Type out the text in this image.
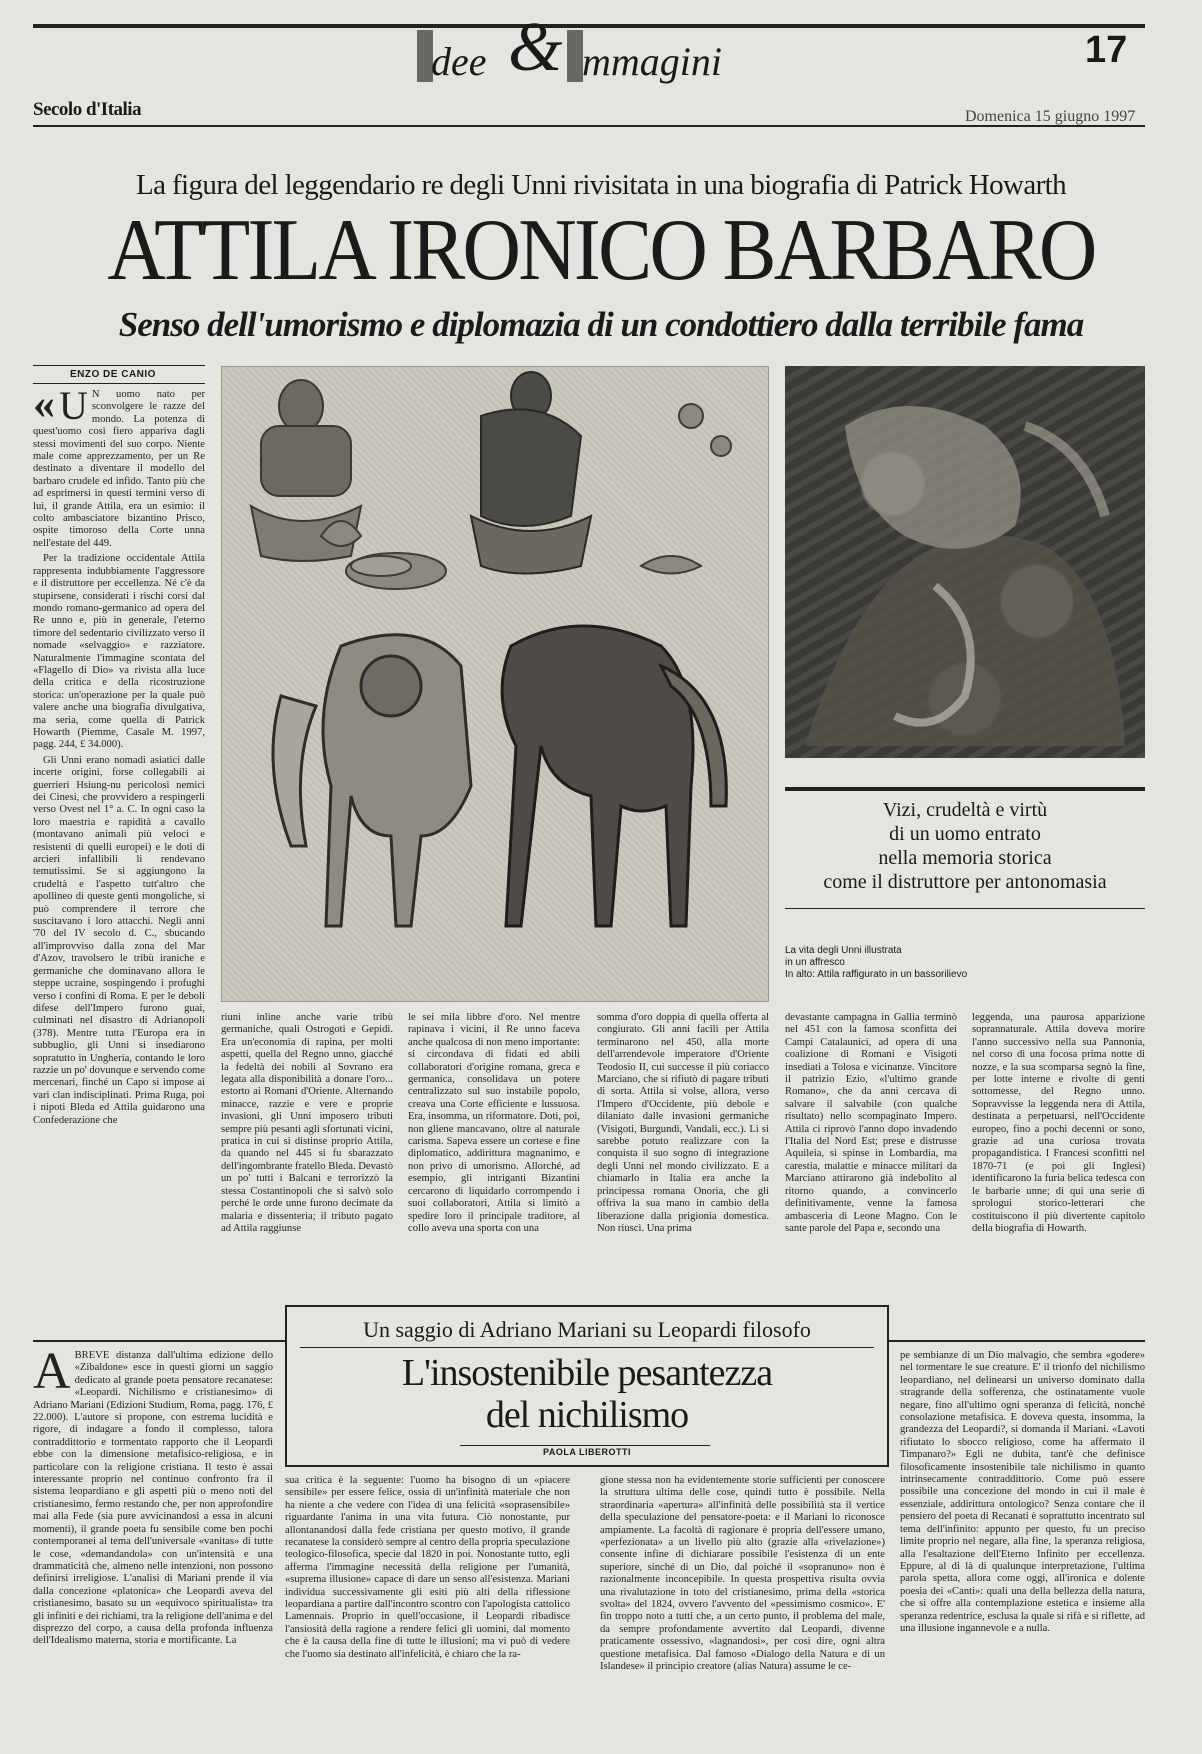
dee & mmagini	17
Secolo d'Italia	Domenica 15 giugno 1997
La figura del leggendario re degli Unni rivisitata in una biografia di Patrick Howarth
ATTILA IRONICO BARBARO
Senso dell'umorismo e diplomazia di un condottiero dalla terribile fama
ENZO DE CANIO

« U N uomo nato per sconvolgere le razze del mondo. La potenza di quest'uomo così fiero appariva dagli stessi movimenti del suo corpo. Niente male come apprezzamento, per un Re destinato a diventare il modello del barbaro crudele ed infido. Tanto più che ad esprimersi in questi termini verso di lui, il grande Attila, era un esimio: il colto ambasciatore bizantino Prisco, ospite timoroso della Corte unna nell'estate del 449.

Per la tradizione occidentale Attila rappresenta indubbiamente l'aggressore e il distruttore per eccellenza. Né c'è da stupirsene, considerati i rischi corsi dal mondo romano-germanico ad opera del Re unno e, più in generale, l'eterno timore del sedentario civilizzato verso il nomade «selvaggio» e razziatore. Naturalmente l'immagine scontata del «Flagello di Dio» va rivista alla luce della critica e della ricostruzione storica: un'operazione per la quale può valere anche una biografia divulgativa, ma seria, come quella di Patrick Howarth (Piemme, Casale M. 1997, pagg. 244, £ 34.000).

Gli Unni erano nomadi asiatici dalle incerte origini, forse collegabili ai guerrieri Hsiung-nu pericolosi nemici dei Cinesi, che provvidero a respingerli verso Ovest nel 1° a. C. In ogni caso la loro maestria e rapidità a cavallo (montavano animali più veloci e resistenti di quelli europei) e le doti di arcieri infallibili li rendevano temutissimi. Se si aggiungono la crudeltà e l'aspetto tutt'altro che apollineo di queste genti mongoliche, si può comprendere il terrore che suscitavano i loro attacchi. Negli anni '70 del IV secolo d. C., sbucando all'improvviso dalla zona del Mar d'Azov, travolsero le tribù iraniche e germaniche che dominavano allora le steppe ucraine, sospingendo i profughi verso i confini di Roma. E per le deboli difese dell'Impero furono guai, culminati nel disastro di Adrianopoli (378). Mentre tutta l'Europa era in subbuglio, gli Unni si insediarono sopratutto in Ungheria, contando le loro razzie un po' dovunque e servendo come mercenari, finché un Capo si impose ai vari clan indisciplinati. Prima Ruga, poi i nipoti Bleda ed Attila guidarono una Confederazione che

Vizi, crudeltà e virtù
di un uomo entrato
nella memoria storica
come il distruttore per antonomasia
La vita degli Unni illustrata
in un affresco
In alto: Attila raffigurato in un bassorilievo

riunì inline anche varie tribù germaniche, quali Ostrogoti e Gepidi. Era un'economia di rapina, per molti aspetti, quella del Regno unno, giacché la fedeltà dei nobili al Sovrano era legata alla disponibilità a donare l'oro... estorto ai Romani d'Oriente. Alternando minacce, razzie e vere e proprie invasioni, gli Unni imposero tributi sempre più pesanti agli sfortunati vicini, pratica in cui si distinse proprio Attila, da quando nel 445 si fu sbarazzato dell'ingombrante fratello Bleda. Devastò un po' tutti i Balcani e terrorizzò la stessa Costantinopoli che si salvò solo perché le orde unne furono decimate da malaria e dissenteria; il tributo pagato ad Attila raggiunse

le sei mila libbre d'oro. Nel mentre rapinava i vicini, il Re unno faceva anche qualcosa di non meno importante: si circondava di fidati ed abili collaboratori d'origine romana, greca e germanica, consolidava un potere centralizzato sul suo instabile popolo, creava una Corte efficiente e lussuosa. Era, insomma, un riformatore. Doti, poi, non gliene mancavano, oltre al naturale carisma. Sapeva essere un cortese e fine diplomatico, addirittura magnanimo, e non privo di umorismo. Allorché, ad esempio, gli intriganti Bizantini cercarono di liquidarlo corrompendo i suoi collaboratori, Attila si limitò a spedire loro il principale traditore, al collo aveva una sporta con una

somma d'oro doppia di quella offerta al congiurato. Gli anni facili per Attila terminarono nel 450, alla morte dell'arrendevole imperatore d'Oriente Teodosio II, cui successe il più coriacco Marciano, che si rifiutò di pagare tributi di sorta. Attila si volse, allora, verso l'Impero d'Occidente, più debole e dilaniato dalle invasioni germaniche (Visigoti, Burgundi, Vandali, ecc.). Lì si sarebbe potuto realizzare con la conquista il suo sogno di integrazione degli Unni nel mondo civilizzato. E a chiamarlo in Italia era anche la principessa romana Onoria, che gli offriva la sua mano in cambio della liberazione dalla prigionia domestica. Non riuscì. Una prima

devastante campagna in Gallia terminò nel 451 con la famosa sconfitta dei Campi Catalaunici, ad opera di una coalizione di Romani e Visigoti insediati a Tolosa e vicinanze. Vincitore il patrizio Ezio, «l'ultimo grande Romano», che da anni cercava di salvare il salvabile (con qualche risultato) nello scompaginato Impero. Attila ci riprovò l'anno dopo invadendo l'Italia del Nord Est; prese e distrusse Aquileia, si spinse in Lombardia, ma carestia, malattie e minacce militari da Marciano attirarono già indebolito al ritorno quando, a convincerlo definitivamente, venne la famosa ambasceria di Leone Magno. Con le sante parole del Papa e, secondo una

leggenda, una paurosa apparizione soprannaturale. Attila doveva morire l'anno successivo nella sua Pannonia, nel corso di una focosa prima notte di nozze, e la sua scomparsa segnò la fine, per lotte interne e rivolte di genti sottomesse, del Regno unno. Sopravvisse la leggenda nera di Attila, destinata a perpetuarsi, nell'Occidente europeo, fino a pochi decenni or sono, grazie ad una curiosa trovata propagandistica. I Francesi sconfitti nel 1870-71 (e poi gli Inglesi) identificarono la furia belica tedesca con le barbarie unne; di qui una serie di sprologui storico-letterari che costituiscono il più divertente capitolo della biografia di Howarth.

Un saggio di Adriano Mariani su Leopardi filosofo
L'insostenibile pesantezza
del nichilismo
PAOLA LIBEROTTI

ABREVE distanza dall'ultima edizione dello «Zibaldone» esce in questi giorni un saggio dedicato al grande poeta pensatore recanatese: «Leopardi. Nichilismo e cristianesimo» di Adriano Mariani (Edizioni Studium, Roma, pagg. 176, £ 22.000). L'autore si propone, con estrema lucidità e rigore, di indagare a fondo il complesso, talora contraddittorio e tormentato rapporto che il Leopardi ebbe con la dimensione metafisico-religiosa, e in particolare con la religione cristiana. Il testo è assai interessante proprio nel continuo confronto fra il sistema leopardiano e gli aspetti più o meno noti del cristianesimo, fermo restando che, per non approfondire mai alla Fede (sia pure avvicinandosi a essa in alcuni momenti), il grande poeta fu sensibile come ben pochi contemporanei al tema dell'universale «vanitas» di tutte le cose, «demandandola» con un'intensità e una drammaticità che, almeno nelle intenzioni, non possono definirsi irreligiose. L'analisi di Mariani prende il via dalla concezione «platonica» che Leopardi aveva del cristianesimo, basato su un «equivoco spiritualista» tra gli infiniti e dei richiami, tra la religione dell'anima e del disprezzo del corpo, a causa della profonda influenza dell'Idealismo materna, storia e mortificante. La

sua critica è la seguente: l'uomo ha bisogno di un «piacere sensibile» per essere felice, ossia di un'infinità materiale che non ha niente a che vedere con l'idea di una felicità «soprasensibile» riguardante l'anima in una vita futura. Ciò nonostante, pur allontanandosi dalla fede cristiana per questo motivo, il grande recanatese la considerò sempre al centro della propria speculazione teologico-filosofica, specie dal 1820 in poi. Nonostante tutto, egli afferma l'immagine necessità della religione per l'umanità, «suprema illusione» capace di dare un senso all'esistenza. Mariani individua successivamente gli esiti più alti della riflessione leopardiana a partire dall'incontro scontro con l'apologista cattolico Lamennais. Proprio in quell'occasione, il Leopardi ribadisce l'ansiosità della ragione a rendere felici gli uomini, dal momento che è la causa della fine di tutte le illusioni; ma vi può di vedere che l'uomo sia destinato all'infelicità, è chiaro che la ra-

gione stessa non ha evidentemente storie sufficienti per conoscere la struttura ultima delle cose, quindi tutto è possibile. Nella straordinaria «apertura» all'infinità delle possibilità sta il vertice della speculazione del pensatore-poeta: e il Mariani lo riconosce ampiamente. La facoltà di ragionare è propria dell'essere umano, «perfezionata» a un livello più alto (grazie alla «rivelazione») consente infine di dichiarare possibile l'esistenza di un ente superiore, sinché di un Dio, dal poiché il «sopranuno» non è razionalmente inconcepibile. In questa prospettiva risulta ovvia una rivalutazione in toto del cristianesimo, prima della «storica svolta» del 1824, ovvero l'avvento del «pessimismo cosmico». E' fin troppo noto a tutti che, a un certo punto, il problema del male, da sempre profondamente avvertito dal Leopardi, divenne praticamente ossessivo, «lagnandosi», per così dire, ogni altra questione metafisica. Dal famoso «Dialogo della Natura e di un Islandese» il principio creatore (alias Natura) assume le ce-

pe sembianze di un Dio malvagio, che sembra «godere» nel tormentare le sue creature. E' il trionfo del nichilismo leopardiano, nel delinearsi un universo dominato dalla stragrande della sofferenza, che ostinatamente vuole negare, fino all'ultimo ogni speranza di felicità, nonché consolazione metafisica. E doveva questa, insomma, la grandezza del Leopardi?, si domanda il Mariani. «Lavoti rifiutato lo sbocco religioso, come ha affermato il Timpanaro?» Egli ne dubita, tant'è che definisce filosoficamente insostenibile tale nichilismo in quanto intrinsecamente contraddittorio. Come può essere possibile una concezione del mondo in cui il male è essenziale, addirittura ontologico? Senza contare che il pensiero del poeta di Recanati è soprattutto incentrato sul tema dell'infinito: appunto per questo, fu un preciso limite proprio nel negare, alla fine, la speranza religiosa, alla l'esaltazione dell'Eterno Infinito per eccellenza. Eppure, al di là di qualunque interpretazione, l'ultima parola spetta, allora come oggi, all'ironica e dolente poesia dei «Canti»: quali una della bellezza della natura, che si offre alla contemplazione estetica e insieme alla speranza redentrice, esclusa la quale si rifà e si riflette, ad una illusione ingannevole e a nulla.
